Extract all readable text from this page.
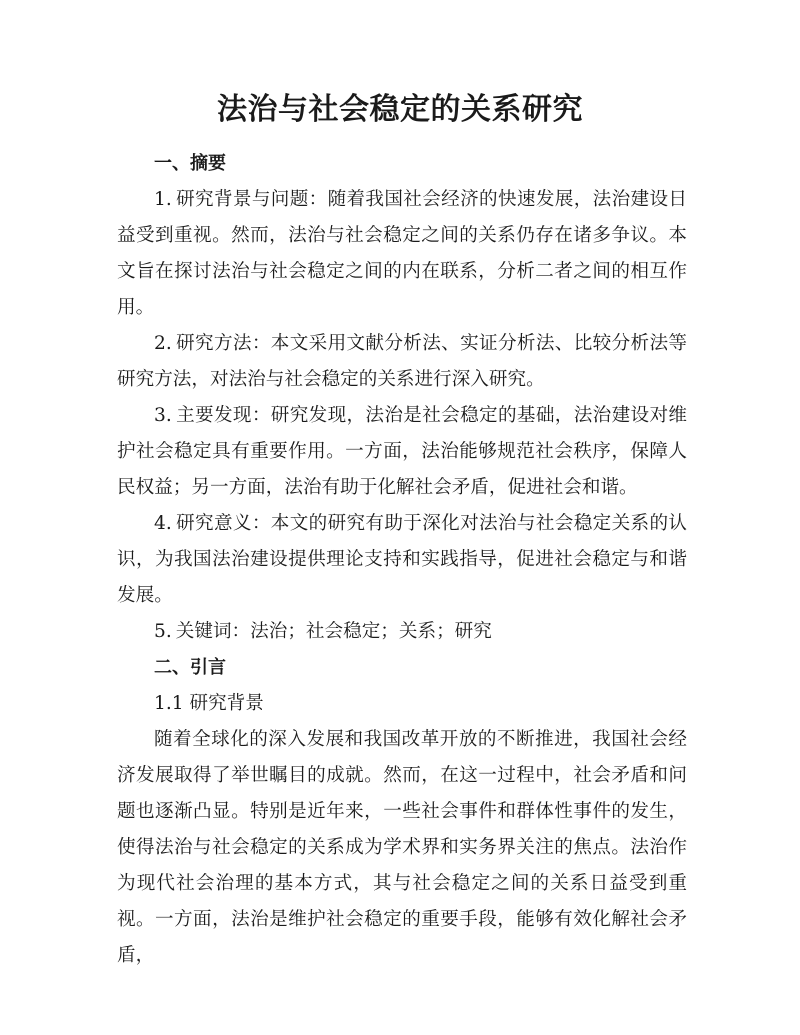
法治与社会稳定的关系研究

一、摘要

1. 研究背景与问题：随着我国社会经济的快速发展，法治建设日益受到重视。然而，法治与社会稳定之间的关系仍存在诸多争议。本文旨在探讨法治与社会稳定之间的内在联系，分析二者之间的相互作用。

2. 研究方法：本文采用文献分析法、实证分析法、比较分析法等研究方法，对法治与社会稳定的关系进行深入研究。

3. 主要发现：研究发现，法治是社会稳定的基础，法治建设对维护社会稳定具有重要作用。一方面，法治能够规范社会秩序，保障人民权益；另一方面，法治有助于化解社会矛盾，促进社会和谐。

4. 研究意义：本文的研究有助于深化对法治与社会稳定关系的认识，为我国法治建设提供理论支持和实践指导，促进社会稳定与和谐发展。

5. 关键词：法治；社会稳定；关系；研究

二、引言

1.1 研究背景

随着全球化的深入发展和我国改革开放的不断推进，我国社会经济发展取得了举世瞩目的成就。然而，在这一过程中，社会矛盾和问题也逐渐凸显。特别是近年来，一些社会事件和群体性事件的发生，使得法治与社会稳定的关系成为学术界和实务界关注的焦点。法治作为现代社会治理的基本方式，其与社会稳定之间的关系日益受到重视。一方面，法治是维护社会稳定的重要手段，能够有效化解社会矛盾，
